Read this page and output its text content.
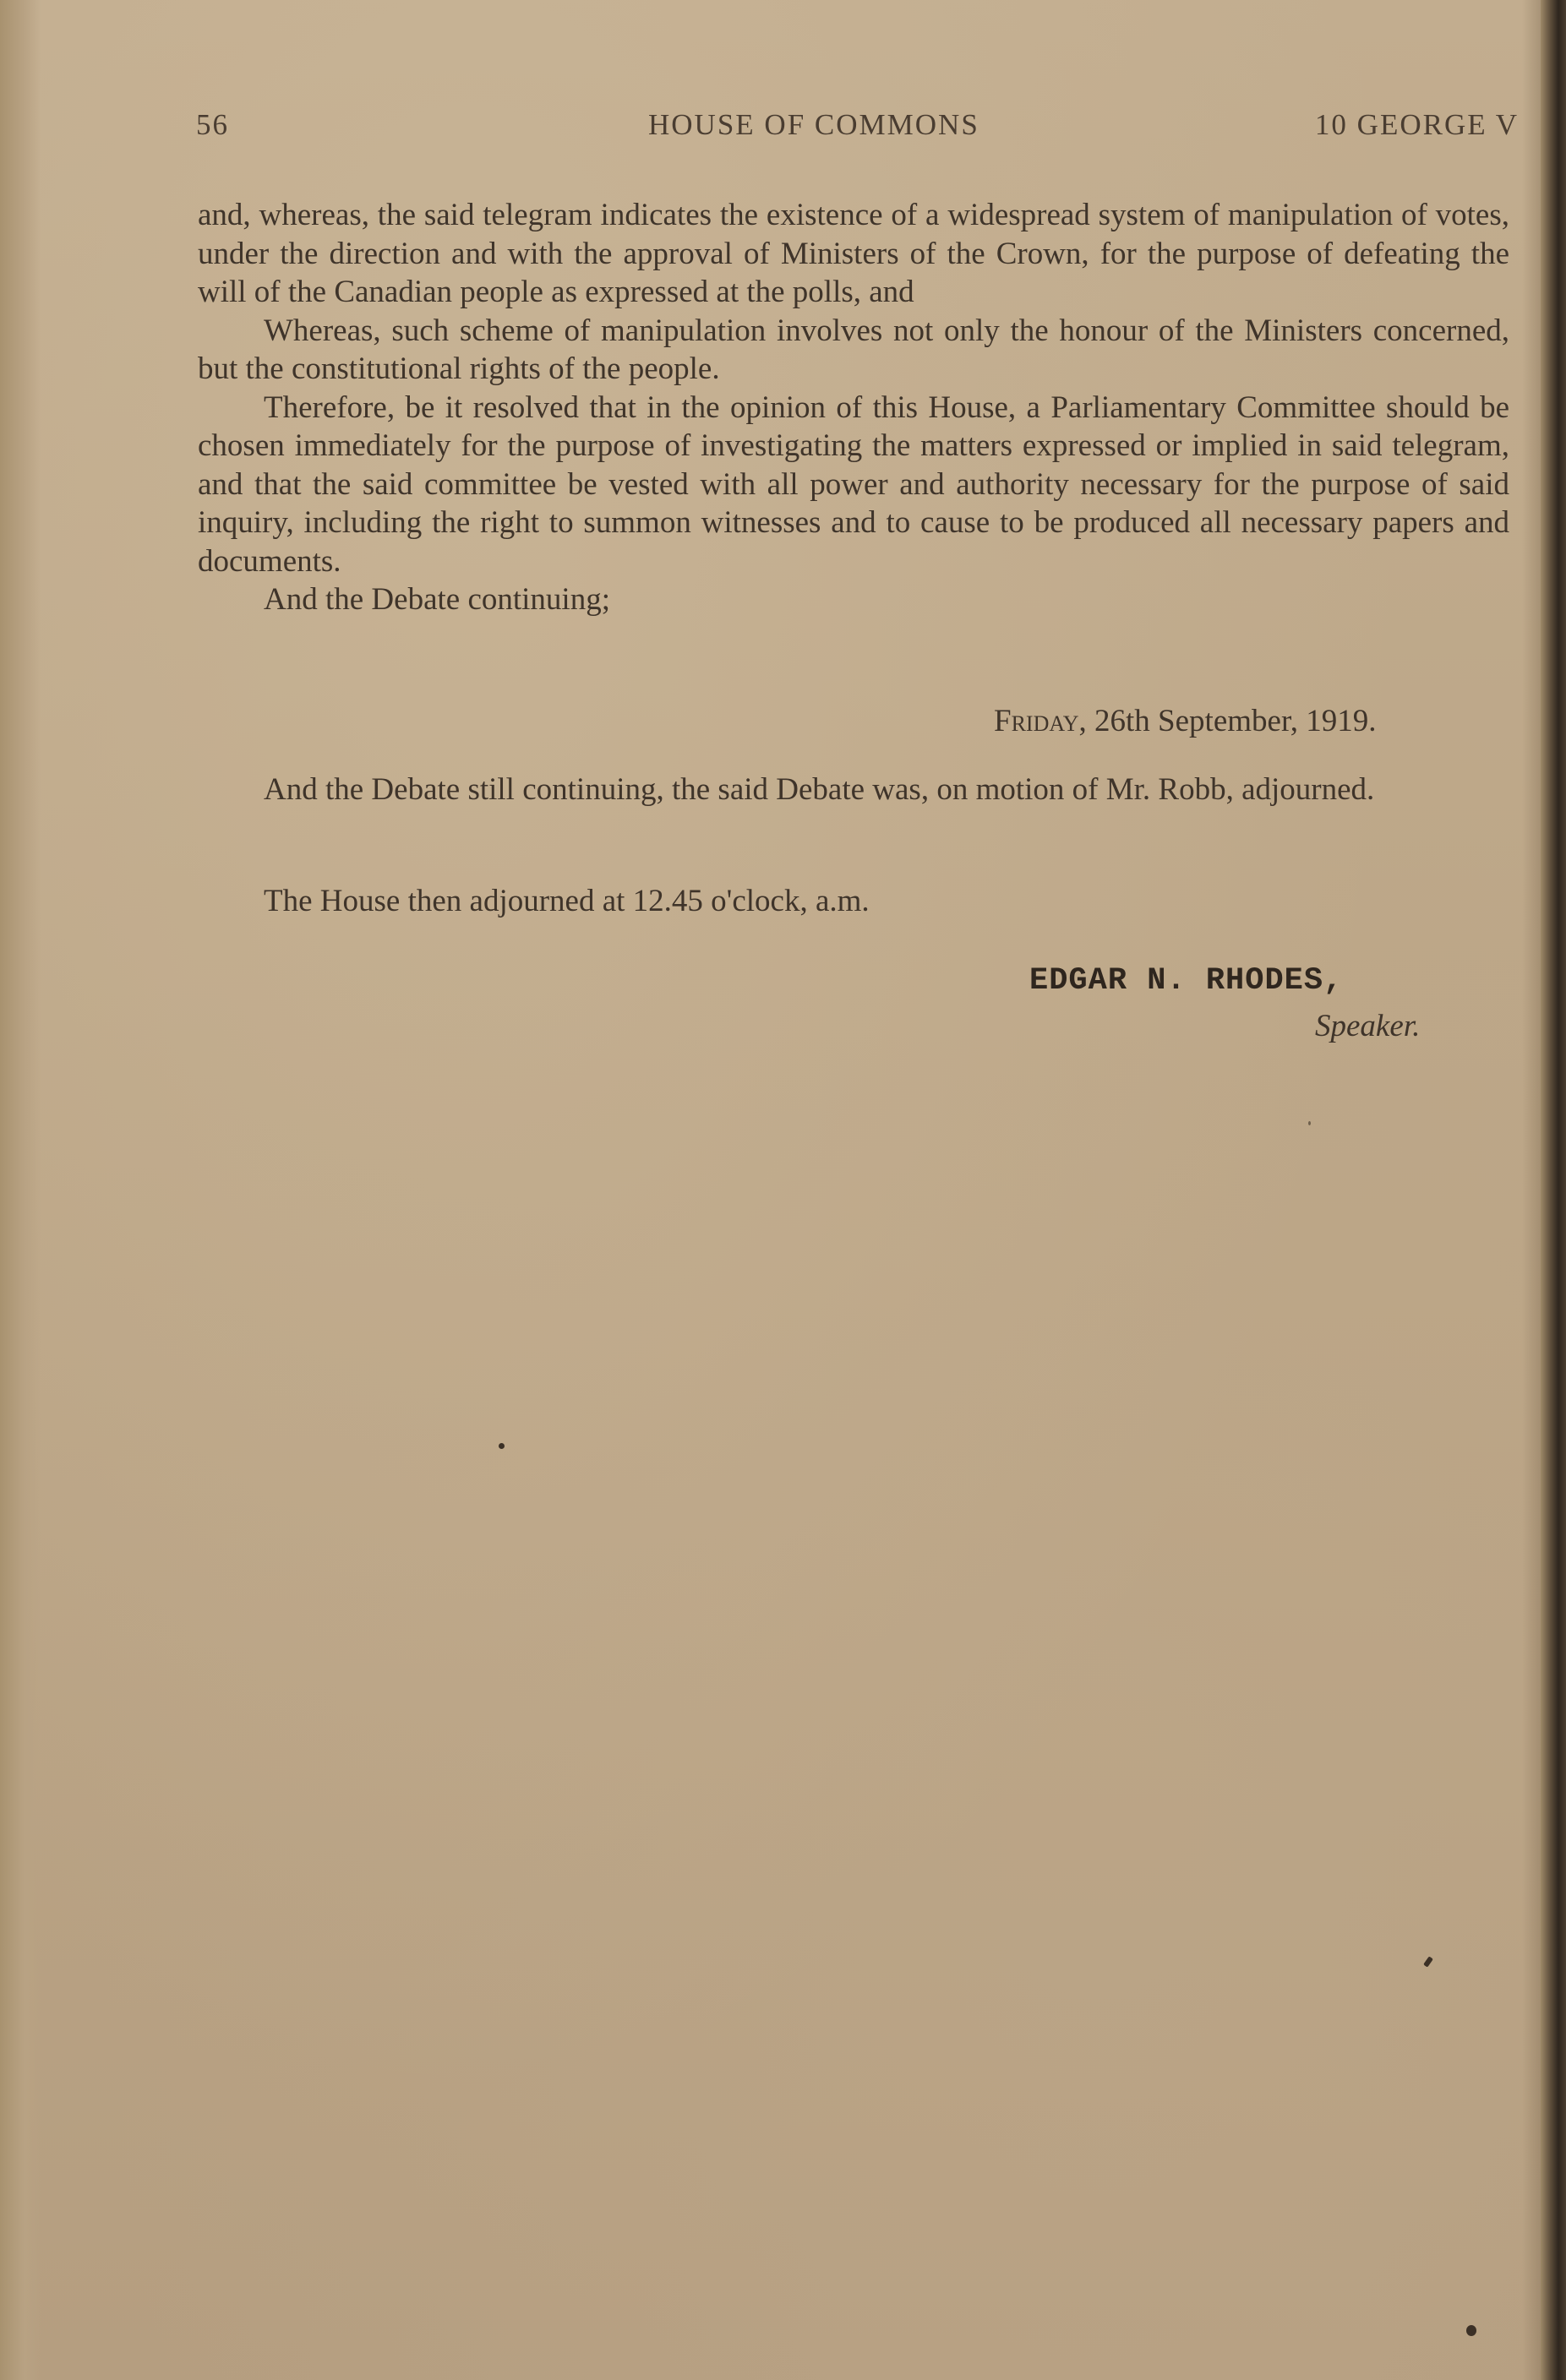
56	HOUSE OF COMMONS	10 GEORGE V

and, whereas, the said telegram indicates the existence of a widespread system of manipulation of votes, under the direction and with the approval of Ministers of the Crown, for the purpose of defeating the will of the Canadian people as expressed at the polls, and

Whereas, such scheme of manipulation involves not only the honour of the Ministers concerned, but the constitutional rights of the people.

Therefore, be it resolved that in the opinion of this House, a Parliamentary Committee should be chosen immediately for the purpose of investigating the matters expressed or implied in said telegram, and that the said committee be vested with all power and authority necessary for the purpose of said inquiry, including the right to summon witnesses and to cause to be produced all necessary papers and documents.

And the Debate continuing;

Friday, 26th September, 1919.

And the Debate still continuing, the said Debate was, on motion of Mr. Robb, adjourned.

The House then adjourned at 12.45 o'clock, a.m.
EDGAR N. RHODES,
Speaker.
